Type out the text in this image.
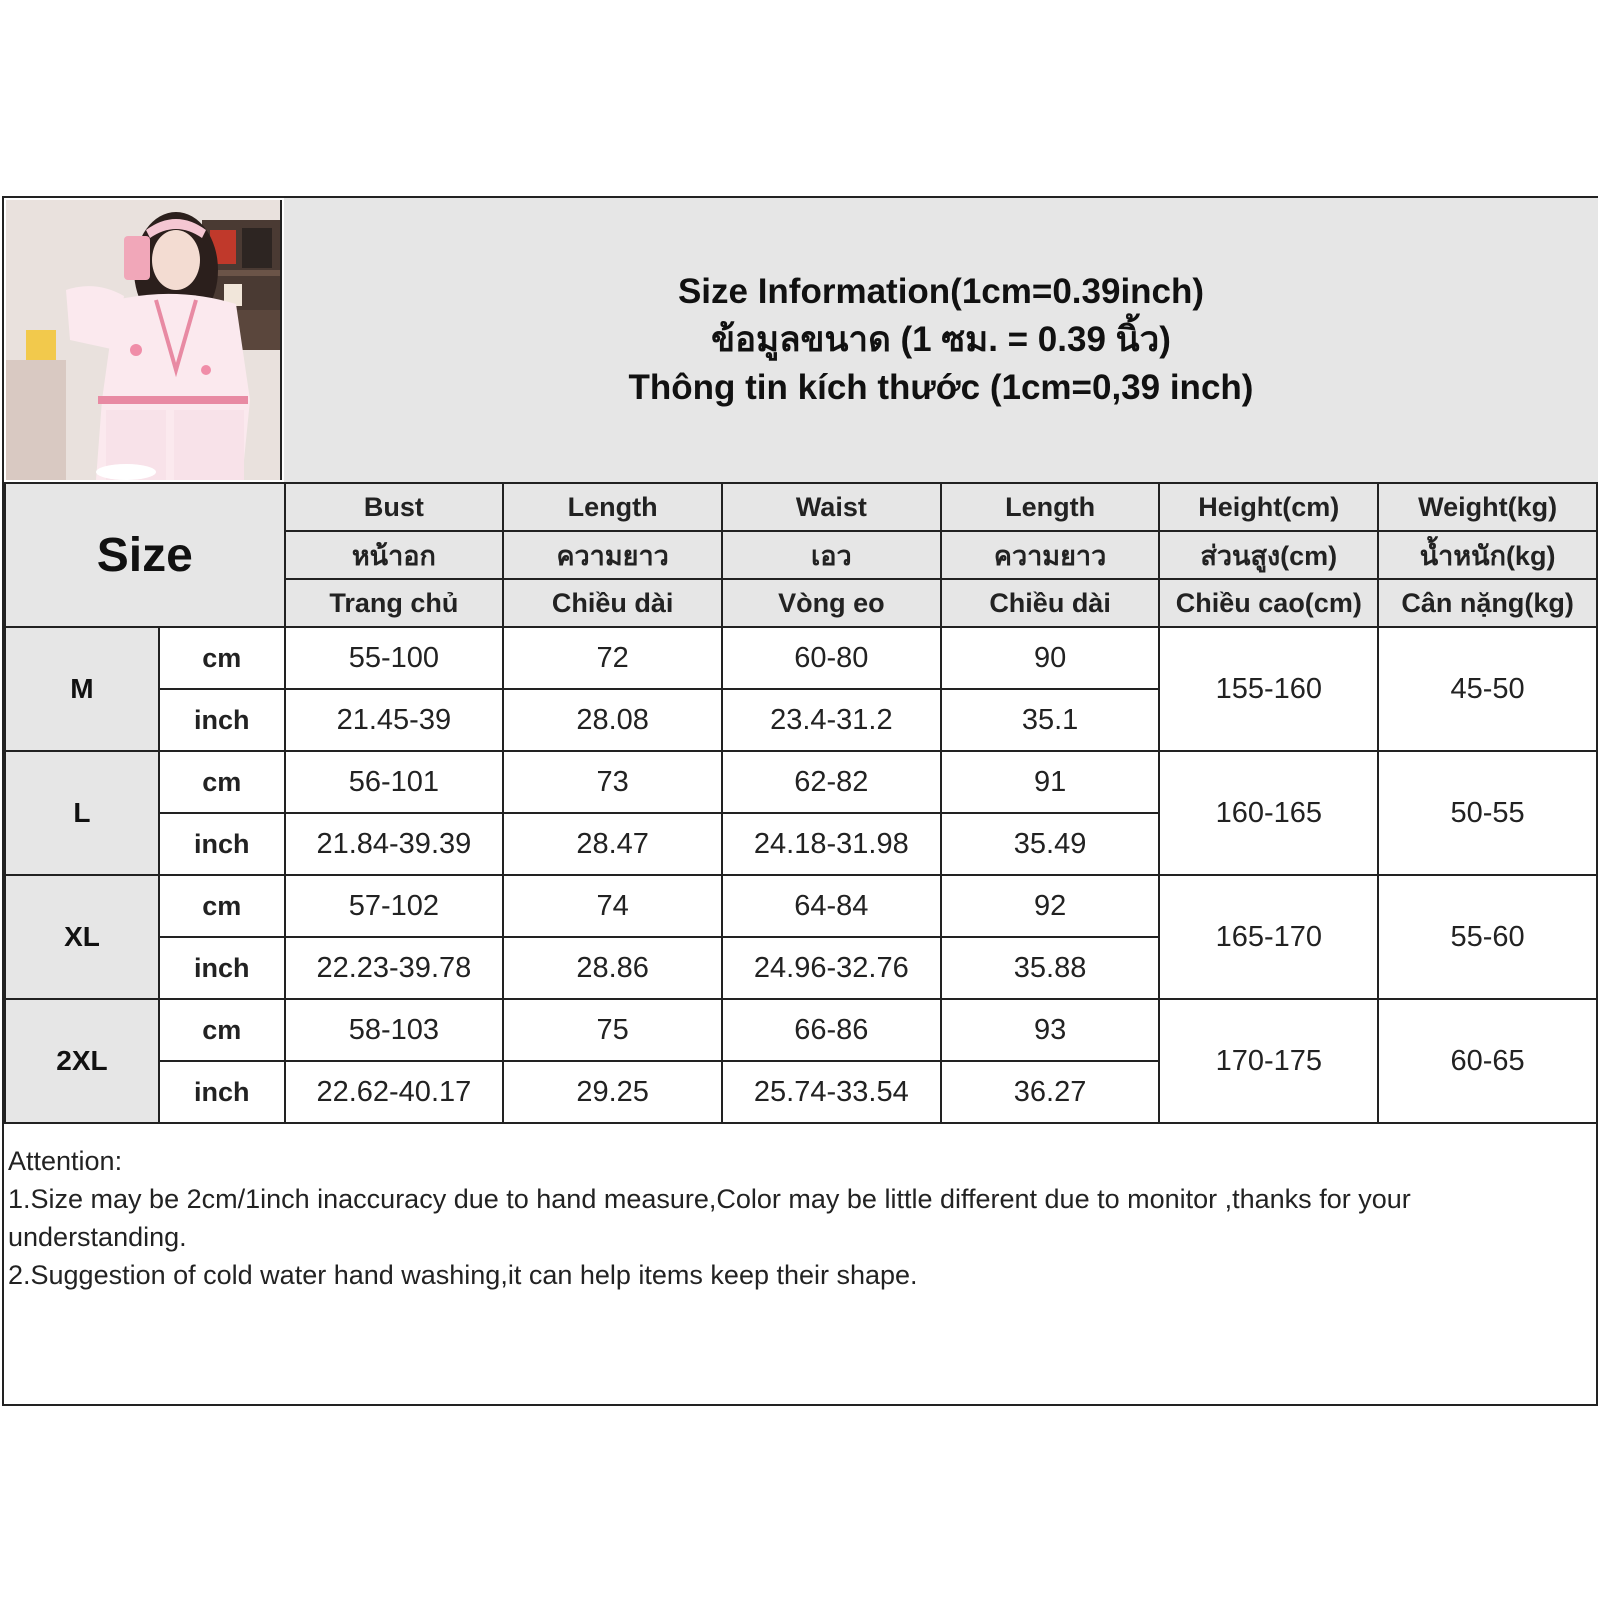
Size Information(1cm=0.39inch)
ข้อมูลขนาด (1 ซม. = 0.39 นิ้ว)
Thông tin kích thước (1cm=0,39 inch)
Size		Bust	Length	Waist	Length	Height(cm)	Weight(kg)
		หน้าอก	ความยาว	เอว	ความยาว	ส่วนสูง(cm)	น้ำหนัก(kg)
		Trang chủ	Chiều dài	Vòng eo	Chiều dài	Chiều cao(cm)	Cân nặng(kg)
M	cm	55-100	72	60-80	90	155-160	45-50
	inch	21.45-39	28.08	23.4-31.2	35.1		
L	cm	56-101	73	62-82	91	160-165	50-55
	inch	21.84-39.39	28.47	24.18-31.98	35.49		
XL	cm	57-102	74	64-84	92	165-170	55-60
	inch	22.23-39.78	28.86	24.96-32.76	35.88		
2XL	cm	58-103	75	66-86	93	170-175	60-65
	inch	22.62-40.17	29.25	25.74-33.54	36.27		

Attention:

1.Size may be 2cm/1inch inaccuracy due to hand measure,Color may be little different due to monitor ,thanks for your understanding.

2.Suggestion of cold water hand washing,it can help items keep their shape.
